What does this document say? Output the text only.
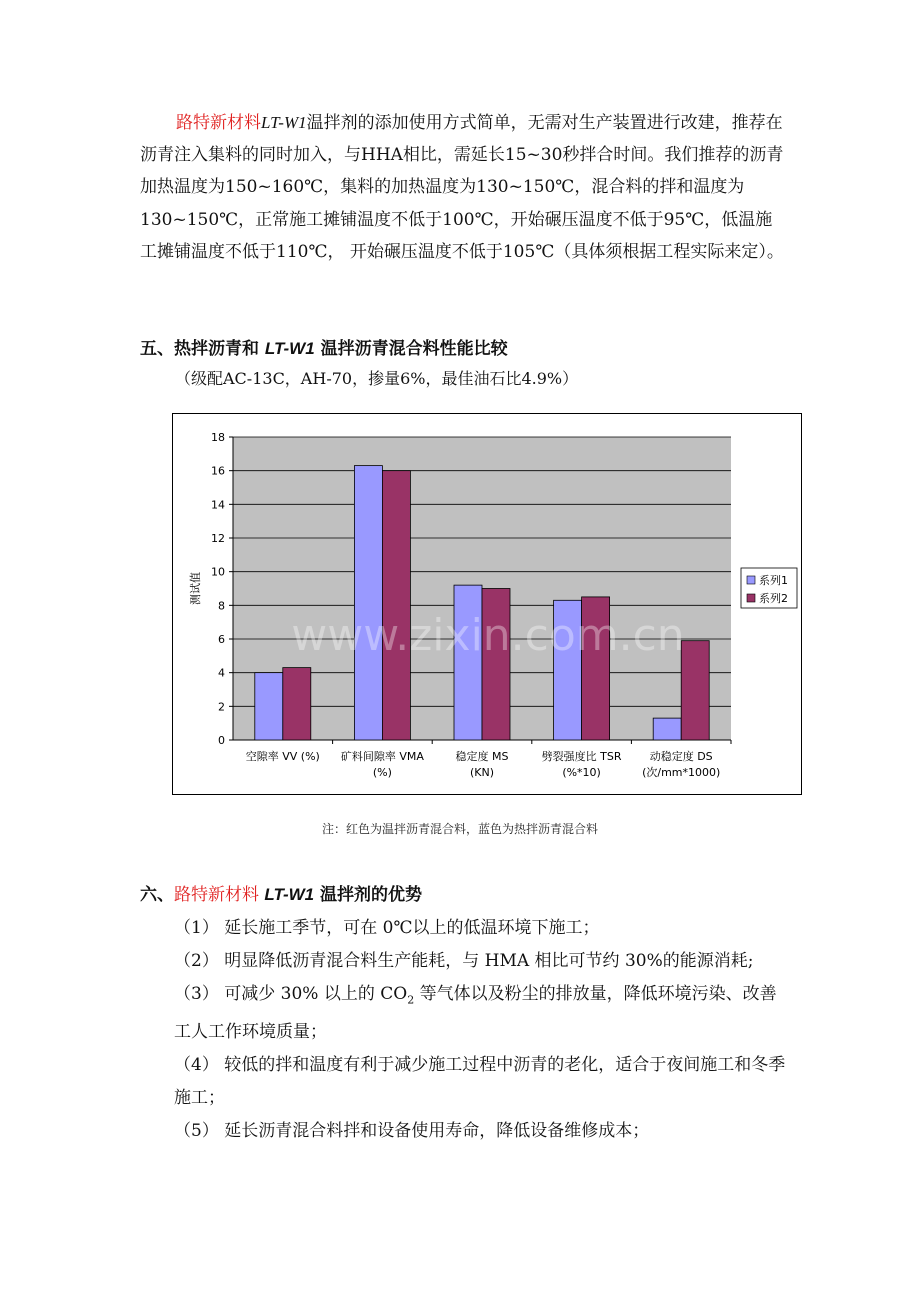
路特新材料LT-W1温拌剂的添加使用方式简单，无需对生产装置进行改建，推荐在沥青注入集料的同时加入，与HHA相比，需延长15~30秒拌合时间。我们推荐的沥青加热温度为150~160℃，集料的加热温度为130~150℃，混合料的拌和温度为130~150℃，正常施工摊铺温度不低于100℃，开始碾压温度不低于95℃，低温施工摊铺温度不低于110℃， 开始碾压温度不低于105℃（具体须根据工程实际来定）。

五、热拌沥青和 LT-W1 温拌沥青混合料性能比较
（级配AC-13C，AH-70，掺量6%，最佳油石比4.9%）
0
2
4
6
8
10
12
14
16
18
测试值
空隙率 VV (%) 矿料间隙率 VMA
(%)
稳定度 MS
(KN)
劈裂强度比 TSR
(%*10)
动稳定度 DS
(次/mm*1000)
系列1
系列2
www.zixin.com.cn
注：红色为温拌沥青混合料，蓝色为热拌沥青混合料
六、路特新材料 LT-W1 温拌剂的优势

（1） 延长施工季节，可在 0℃以上的低温环境下施工；

（2） 明显降低沥青混合料生产能耗，与 HMA 相比可节约 30%的能源消耗;

（3） 可减少 30% 以上的 $CO_2$ 等气体以及粉尘的排放量，降低环境污染、改善工人工作环境质量；

（4） 较低的拌和温度有利于减少施工过程中沥青的老化，适合于夜间施工和冬季施工；

（5） 延长沥青混合料拌和设备使用寿命，降低设备维修成本；
